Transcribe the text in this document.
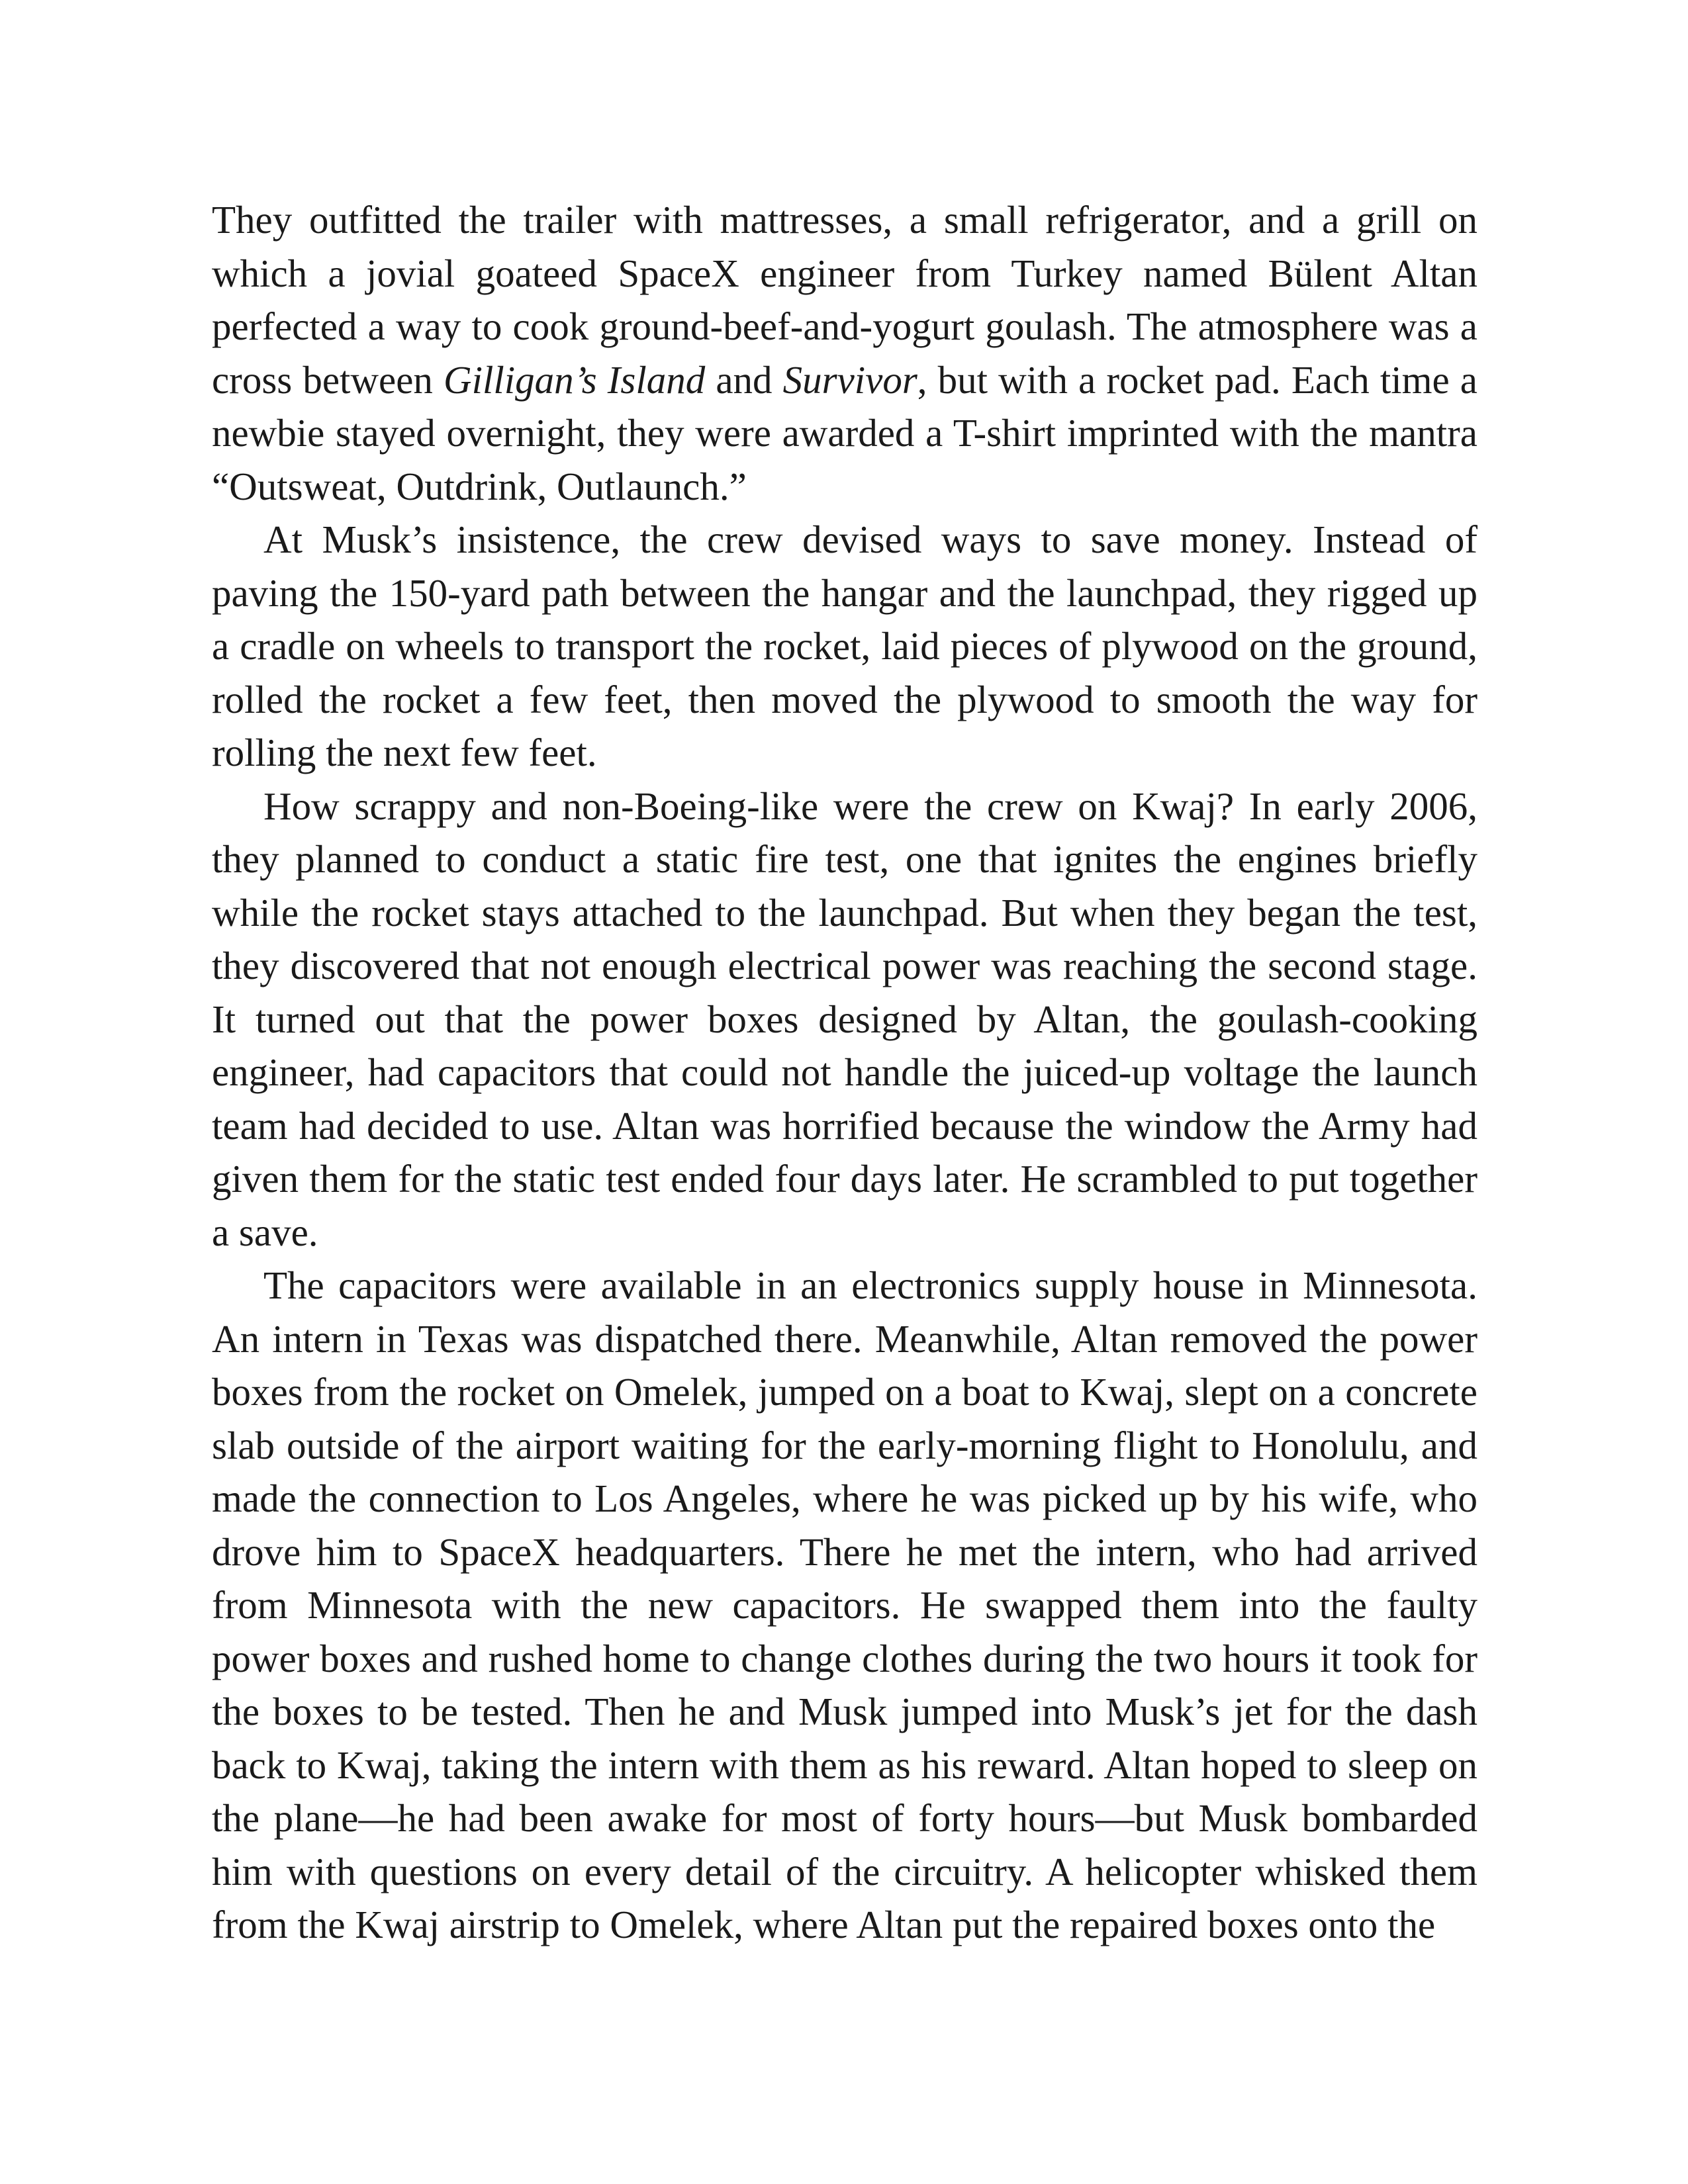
They outfitted the trailer with mattresses, a small refrigerator, and a grill on which a jovial goateed SpaceX engineer from Turkey named Bülent Altan perfected a way to cook ground-beef-and-yogurt goulash. The atmosphere was a cross between Gilligan’s Island and Survivor, but with a rocket pad. Each time a newbie stayed overnight, they were awarded a T-shirt imprinted with the mantra “Outsweat, Outdrink, Outlaunch.”

At Musk’s insistence, the crew devised ways to save money. Instead of paving the 150-yard path between the hangar and the launchpad, they rigged up a cradle on wheels to transport the rocket, laid pieces of plywood on the ground, rolled the rocket a few feet, then moved the plywood to smooth the way for rolling the next few feet.

How scrappy and non-Boeing-like were the crew on Kwaj? In early 2006, they planned to conduct a static fire test, one that ignites the engines briefly while the rocket stays attached to the launchpad. But when they began the test, they discovered that not enough electrical power was reaching the second stage. It turned out that the power boxes designed by Altan, the goulash-cooking engineer, had capacitors that could not handle the juiced-up voltage the launch team had decided to use. Altan was horrified because the window the Army had given them for the static test ended four days later. He scrambled to put together a save.

The capacitors were available in an electronics supply house in Minnesota. An intern in Texas was dispatched there. Meanwhile, Altan removed the power boxes from the rocket on Omelek, jumped on a boat to Kwaj, slept on a concrete slab outside of the airport waiting for the early-morning flight to Honolulu, and made the connection to Los Angeles, where he was picked up by his wife, who drove him to SpaceX headquarters. There he met the intern, who had arrived from Minnesota with the new capacitors. He swapped them into the faulty power boxes and rushed home to change clothes during the two hours it took for the boxes to be tested. Then he and Musk jumped into Musk’s jet for the dash back to Kwaj, taking the intern with them as his reward. Altan hoped to sleep on the plane—he had been awake for most of forty hours—but Musk bombarded him with questions on every detail of the circuitry. A helicopter whisked them from the Kwaj airstrip to Omelek, where Altan put the repaired boxes onto the
